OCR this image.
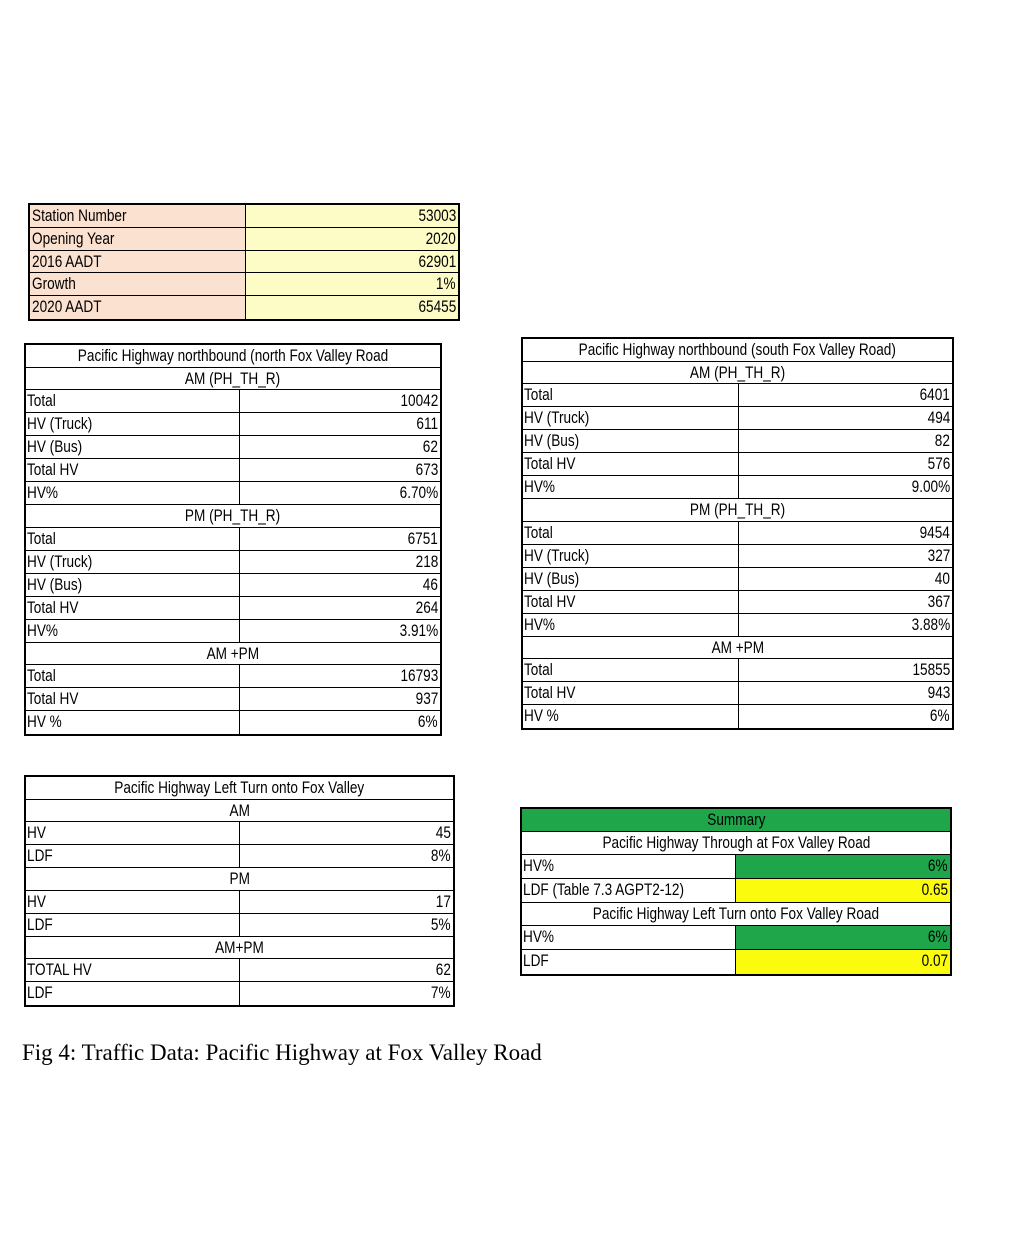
Station Number	53003
Opening Year	2020
2016 AADT	62901
Growth	1%
2020 AADT	65455
Pacific Highway northbound (north Fox Valley Road
AM (PH_TH_R)
Total	10042
HV (Truck)	611
HV (Bus)	62
Total HV	673
HV%	6.70%
PM (PH_TH_R)
Total	6751
HV (Truck)	218
HV (Bus)	46
Total HV	264
HV%	3.91%
AM +PM
Total	16793
Total HV	937
HV %	6%
Pacific Highway northbound (south Fox Valley Road)
AM (PH_TH_R)
Total	6401
HV (Truck)	494
HV (Bus)	82
Total HV	576
HV%	9.00%
PM (PH_TH_R)
Total	9454
HV (Truck)	327
HV (Bus)	40
Total HV	367
HV%	3.88%
AM +PM
Total	15855
Total HV	943
HV %	6%
Pacific Highway Left Turn onto Fox Valley
AM
HV	45
LDF	8%
PM
HV	17
LDF	5%
AM+PM
TOTAL HV	62
LDF	7%
Summary
Pacific Highway Through at Fox Valley Road
HV%	6%
LDF (Table 7.3 AGPT2-12)	0.65
Pacific Highway Left Turn onto Fox Valley Road
HV%	6%
LDF	0.07
Fig 4: Traffic Data: Pacific Highway at Fox Valley Road
